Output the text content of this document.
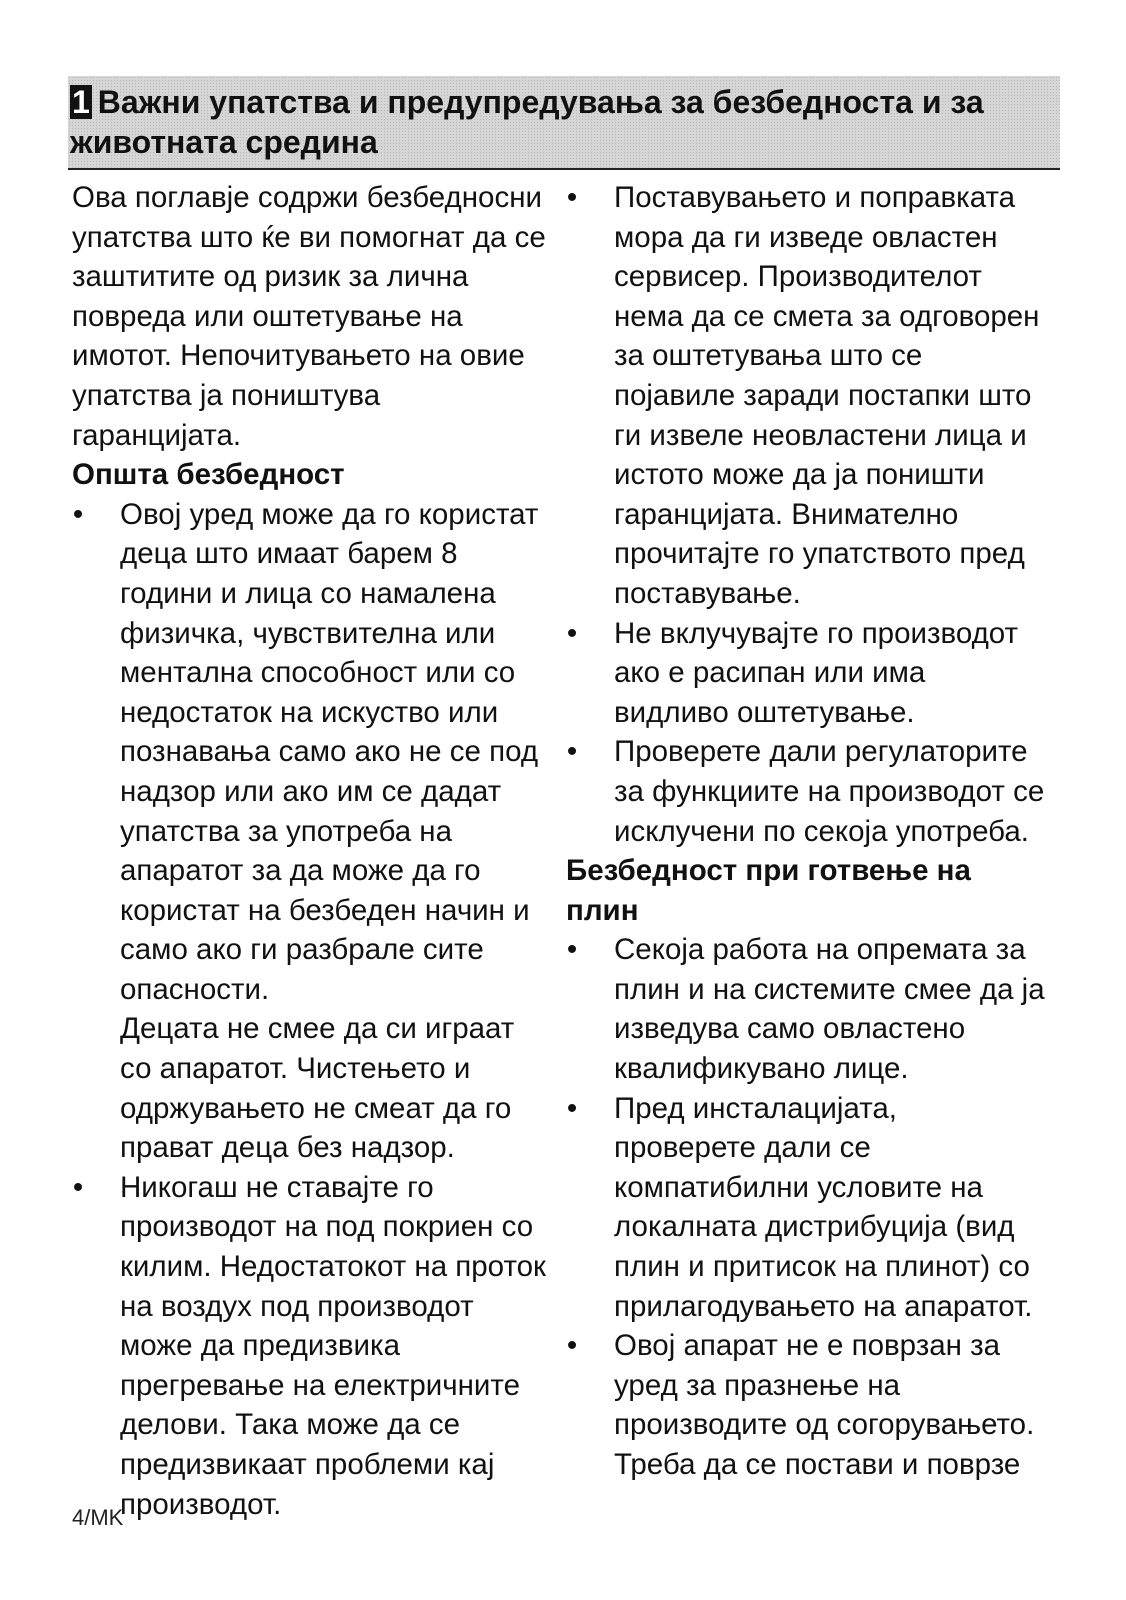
1 Важни упатства и предупредувања за безбедноста и за животната средина

Ова поглавје содржи безбедносни упатства што ќе ви помогнат да се заштитите од ризик за лична повреда или оштетување на имотот. Непочитувањето на овие упатства ја поништува гаранцијата.

Општа безбедност

• Овој уред може да го користат деца што имаат барем 8 години и лица со намалена физичка, чувствителна или ментална способност или со недостаток на искуство или познавања само ако не се под надзор или ако им се дадат упатства за употреба на апаратот за да може да го користат на безбеден начин и само ако ги разбрале сите опасности.

Децата не смее да си играат со апаратот. Чистењето и одржувањето не смеат да го прават деца без надзор.

• Никогаш не ставајте го производот на под покриен со килим. Недостатокот на проток на воздух под производот може да предизвика прегревање на електричните делови. Така може да се предизвикаат проблеми кај производот.

• Поставувањето и поправката мора да ги изведе овластен сервисер. Производителот нема да се смета за одговорен за оштетувања што се појавиле заради постапки што ги извеле неовластени лица и истото може да ја поништи гаранцијата. Внимателно прочитајте го упатството пред поставување.

• Не вклучувајте го производот ако е расипан или има видливо оштетување.

• Проверете дали регулаторите за функциите на производот се исклучени по секоја употреба.

Безбедност при готвење на плин

• Секоја работа на опремата за плин и на системите смее да ја изведува само овластено квалификувано лице.

• Пред инсталацијата, проверете дали се компатибилни условите на локалната дистрибуција (вид плин и притисок на плинот) со прилагодувањето на апаратот.

• Овој апарат не е поврзан за уред за празнење на производите од согорувањето. Треба да се постави и поврзе

4/MK
